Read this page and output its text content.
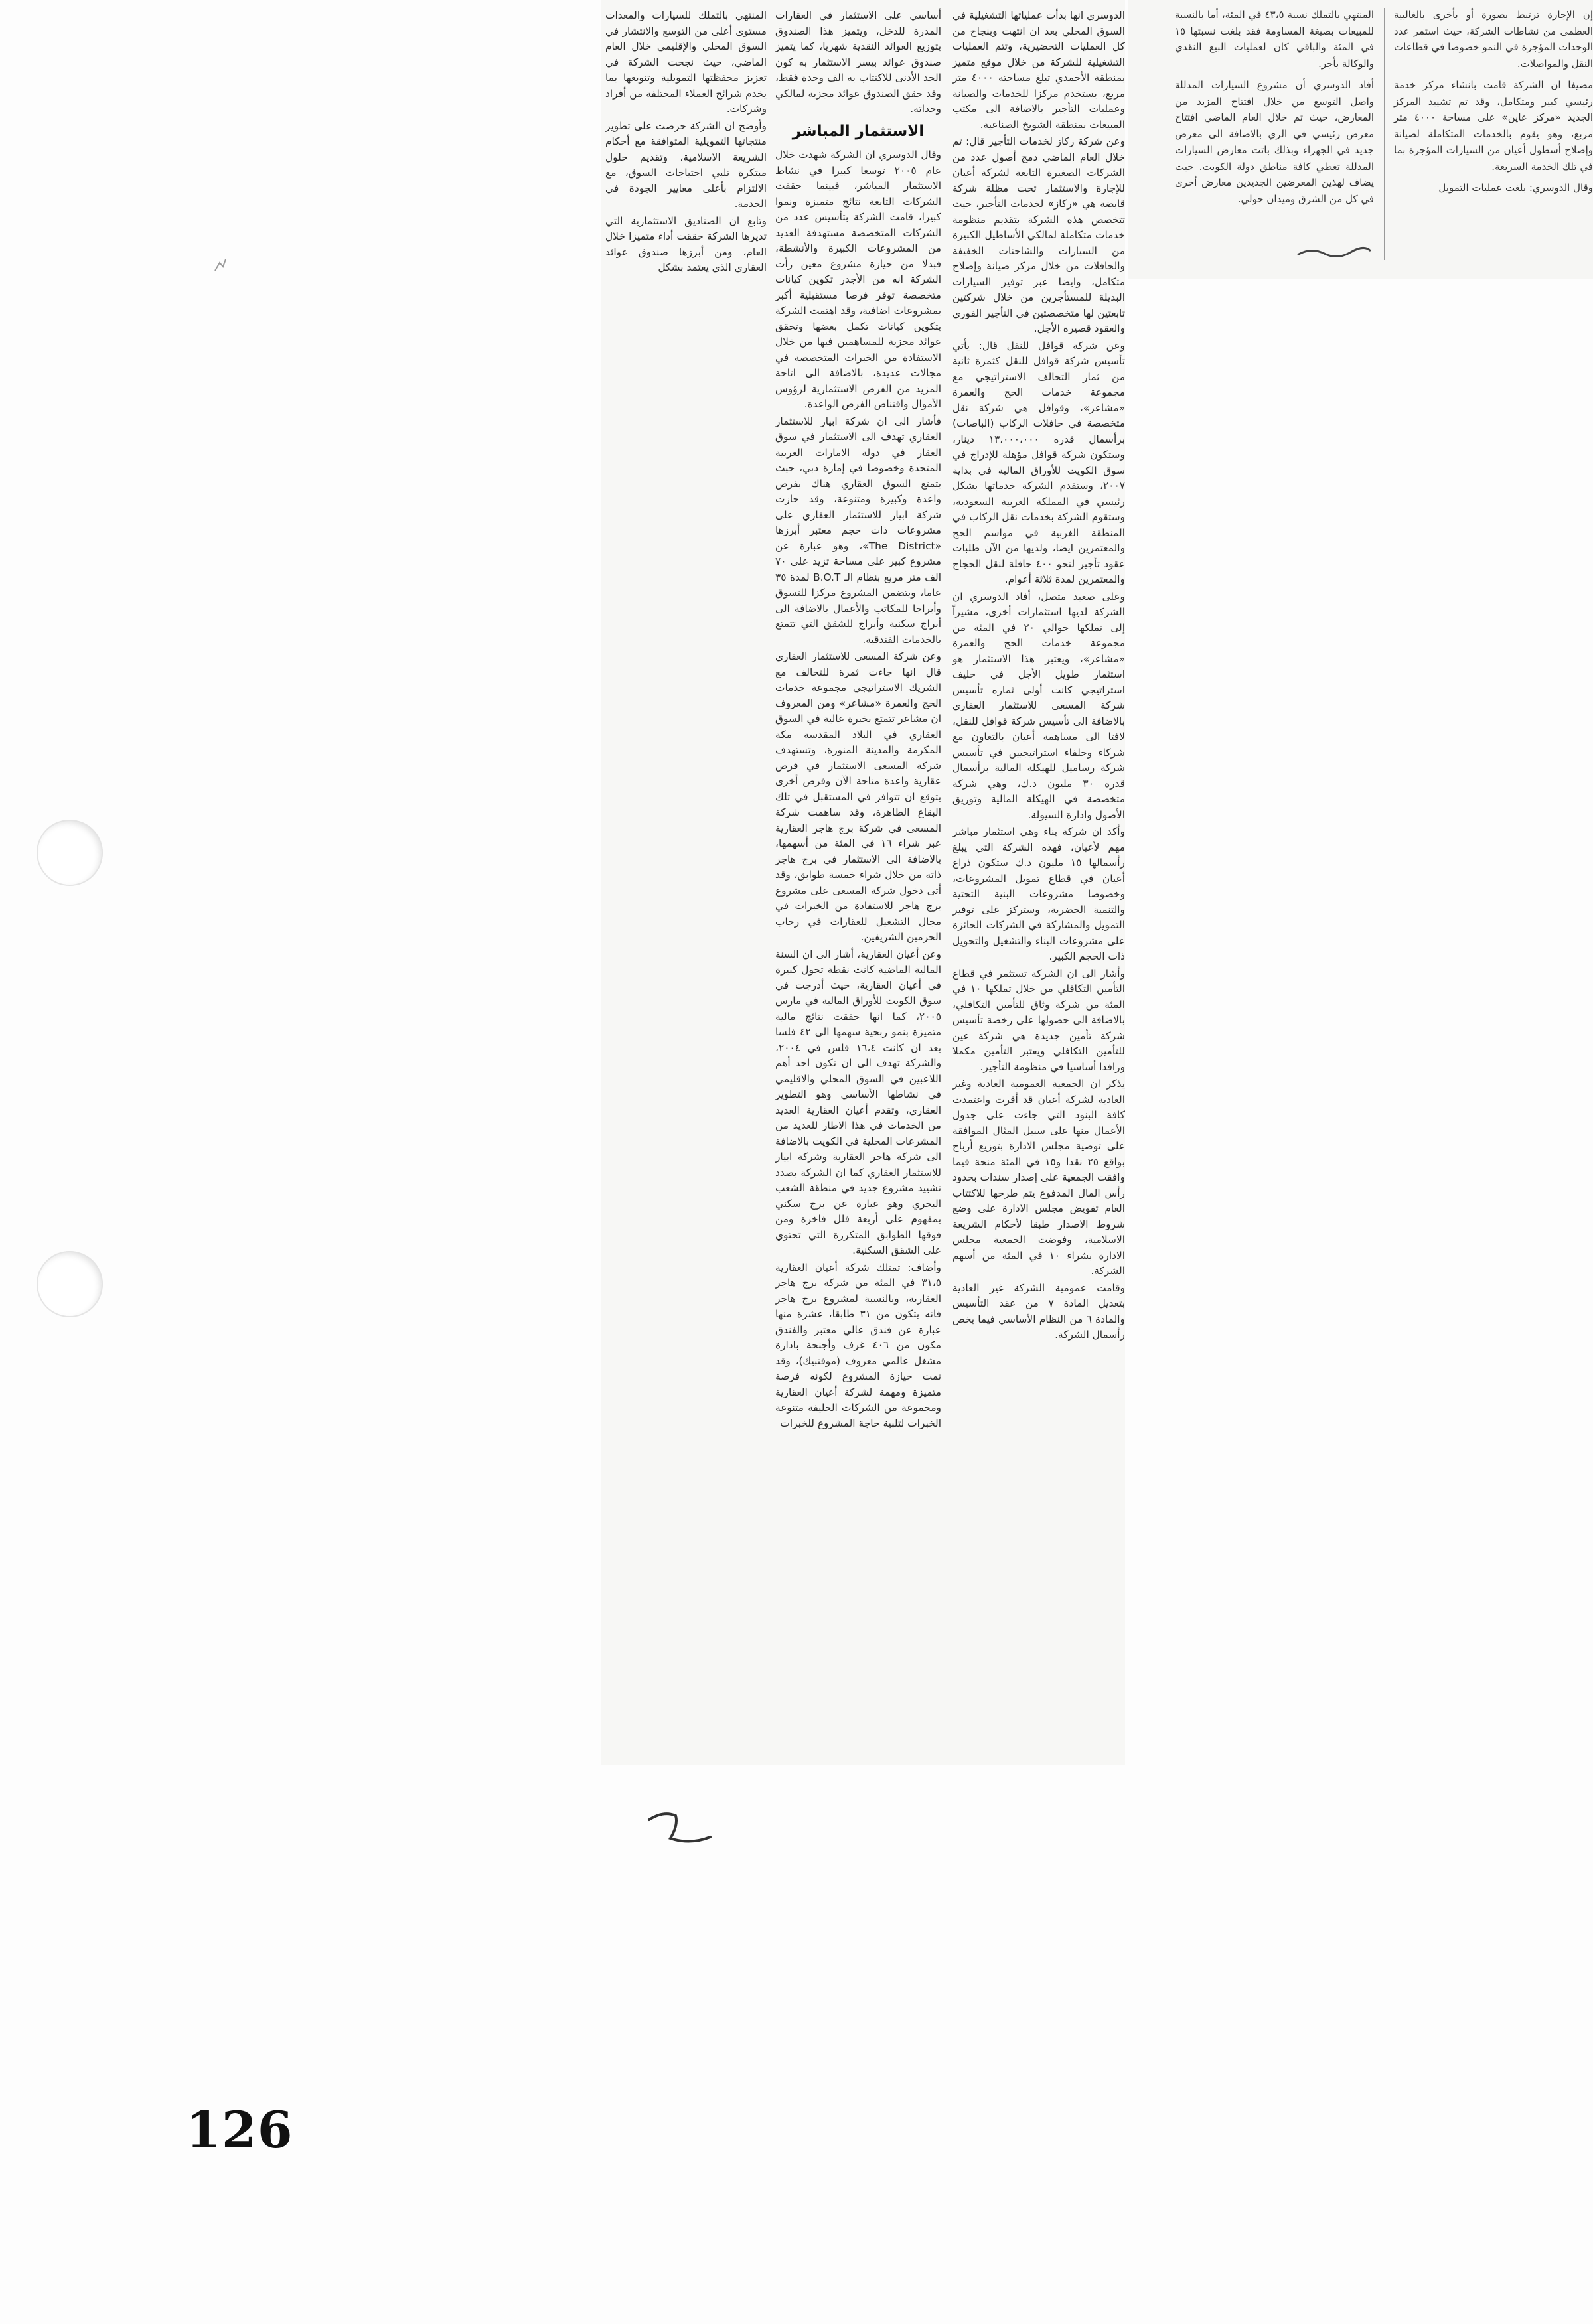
إن الإجارة ترتبط بصورة أو بأخرى بالغالبية العظمى من نشاطات الشركة، حيث استمر عدد الوحدات المؤجرة في النمو خصوصا في قطاعات النقل والمواصلات.

مضيفا ان الشركة قامت بانشاء مركز خدمة رئيسي كبير ومتكامل، وقد تم تشييد المركز الجديد «مركز عاين» على مساحة ٤٠٠٠ متر مربع، وهو يقوم بالخدمات المتكاملة لصيانة وإصلاح أسطول أعيان من السيارات المؤجرة بما في تلك الخدمة السريعة.

وقال الدوسري: بلغت عمليات التمويل

المنتهي بالتملك نسبة ٤٣،٥ في المئة، أما بالنسبة للمبيعات بصيغة المساومة فقد بلغت نسبتها ١٥ في المئة والباقي كان لعمليات البيع النقدي والوكالة بأجر.

أفاد الدوسري أن مشروع السيارات المدللة واصل التوسع من خلال افتتاح المزيد من المعارض، حيث تم خلال العام الماضي افتتاح معرض رئيسي في الري بالاضافة الى معرض جديد في الجهراء وبذلك باتت معارض السيارات المدللة تغطي كافة مناطق دولة الكويت. حيث يضاف لهذين المعرضين الجديدين معارض أخرى في كل من الشرق وميدان حولي.

الدوسري انها بدأت عملياتها التشغيلية في السوق المحلي بعد ان انتهت وبنجاح من كل العمليات التحضيرية، وتتم العمليات التشغيلية للشركة من خلال موقع متميز بمنطقة الأحمدي تبلغ مساحته ٤٠٠٠ متر مربع، يستخدم مركزا للخدمات والصيانة وعمليات التأجير بالاضافة الى مكتب المبيعات بمنطقة الشويخ الصناعية.

وعن شركة ركاز لخدمات التأجير قال: تم خلال العام الماضي دمج أصول عدد من الشركات الصغيرة التابعة لشركة أعيان للإجارة والاستثمار تحت مظلة شركة قابضة هي «ركاز» لخدمات التأجير، حيث تتخصص هذه الشركة بتقديم منظومة خدمات متكاملة لمالكي الأساطيل الكبيرة من السيارات والشاحنات الخفيفة والحافلات من خلال مركز صيانة وإصلاح متكامل، وايضا عبر توفير السيارات البديلة للمستأجرين من خلال شركتين تابعتين لها متخصصتين في التأجير الفوري والعقود قصيرة الأجل.

وعن شركة قوافل للنقل قال: يأتي تأسيس شركة قوافل للنقل كثمرة ثانية من ثمار التحالف الاستراتيجي مع مجموعة خدمات الحج والعمرة «مشاعر»، وقوافل هي شركة نقل متخصصة في حافلات الركاب (الباصات) برأسمال قدره ١٣،٠٠٠،٠٠٠ دينار، وستكون شركة قوافل مؤهلة للإدراج في سوق الكويت للأوراق المالية في بداية ٢٠٠٧، وستقدم الشركة خدماتها بشكل رئيسي في المملكة العربية السعودية، وستقوم الشركة بخدمات نقل الركاب في المنطقة الغربية في مواسم الحج والمعتمرين ايضا، ولديها من الآن طلبات عقود تأجير لنحو ٤٠٠ حافلة لنقل الحجاج والمعتمرين لمدة ثلاثة أعوام.

وعلى صعيد متصل، أفاد الدوسري ان الشركة لديها استثمارات أخرى، مشيراً إلى تملكها حوالي ٢٠ في المئة من مجموعة خدمات الحج والعمرة «مشاعر»، ويعتبر هذا الاستثمار هو استثمار طويل الأجل في حليف استراتيجي كانت أولى ثماره تأسيس شركة المسعى للاستثمار العقاري بالاضافة الى تأسيس شركة قوافل للنقل، لافتا الى مساهمة أعيان بالتعاون مع شركاء وحلفاء استراتيجيين في تأسيس شركة رساميل للهيكلة المالية برأسمال قدره ٣٠ مليون د.ك، وهي شركة متخصصة في الهيكلة المالية وتوريق الأصول وادارة السيولة.

وأكد ان شركة بناء وهي استثمار مباشر مهم لأعيان، فهذه الشركة التي يبلغ رأسمالها ١٥ مليون د.ك ستكون ذراع أعيان في قطاع تمويل المشروعات، وخصوصا مشروعات البنية التحتية والتنمية الحضرية، وستركز على توفير التمويل والمشاركة في الشركات الحائزة على مشروعات البناء والتشغيل والتحويل ذات الحجم الكبير.

وأشار الى ان الشركة تستثمر في قطاع التأمين التكافلي من خلال تملكها ١٠ في المئة من شركة وثاق للتأمين التكافلي، بالاضافة الى حصولها على رخصة تأسيس شركة تأمين جديدة هي شركة عين للتأمين التكافلي ويعتبر التأمين مكملا ورافدا أساسيا في منظومة التأجير.

يذكر ان الجمعية العمومية العادية وغير العادية لشركة أعيان قد أقرت واعتمدت كافة البنود التي جاءت على جدول الأعمال منها على سبيل المثال الموافقة على توصية مجلس الادارة بتوزيع أرباح بواقع ٢٥ نقدا و١٥ في المئة منحة فيما وافقت الجمعية على إصدار سندات بحدود رأس المال المدفوع يتم طرحها للاكتتاب العام تفويض مجلس الادارة على وضع شروط الاصدار طبقا لأحكام الشريعة الاسلامية، وفوضت الجمعية مجلس الادارة بشراء ١٠ في المئة من أسهم الشركة.

وقامت عمومية الشركة غير العادية بتعديل المادة ٧ من عقد التأسيس والمادة ٦ من النظام الأساسي فيما يخص رأسمال الشركة.

أساسي على الاستثمار في العقارات المدرة للدخل، ويتميز هذا الصندوق بتوزيع العوائد النقدية شهريا، كما يتميز صندوق عوائد بيسر الاستثمار به كون الحد الأدنى للاكتتاب به الف وحدة فقط، وقد حقق الصندوق عوائد مجزية لمالكي وحداته.

الاستثمار المباشر

وقال الدوسري ان الشركة شهدت خلال عام ٢٠٠٥ توسعا كبيرا في نشاط الاستثمار المباشر، فبينما حققت الشركات التابعة نتائج متميزة ونموا كبيرا، قامت الشركة بتأسيس عدد من الشركات المتخصصة مستهدفة العديد من المشروعات الكبيرة والأنشطة، فبدلا من حيازة مشروع معين رأت الشركة انه من الأجدر تكوين كيانات متخصصة توفر فرصا مستقبلية أكبر بمشروعات اضافية، وقد اهتمت الشركة بتكوين كيانات تكمل بعضها وتحقق عوائد مجزية للمساهمين فيها من خلال الاستفادة من الخبرات المتخصصة في مجالات عديدة، بالاضافة الى اتاحة المزيد من الفرص الاستثمارية لرؤوس الأموال واقتناص الفرص الواعدة.

فأشار الى ان شركة ابيار للاستثمار العقاري تهدف الى الاستثمار في سوق العقار في دولة الامارات العربية المتحدة وخصوصا في إمارة دبي، حيث يتمتع السوق العقاري هناك بفرص واعدة وكبيرة ومتنوعة، وقد حازت شركة ابيار للاستثمار العقاري على مشروعات ذات حجم معتبر أبرزها «The District»، وهو عبارة عن مشروع كبير على مساحة تزيد على ٧٠ الف متر مربع بنظام الـ B.O.T لمدة ٣٥ عاما، ويتضمن المشروع مركزا للتسوق وأبراجا للمكاتب والأعمال بالاضافة الى أبراج سكنية وأبراج للشقق التي تتمتع بالخدمات الفندقية.

وعن شركة المسعى للاستثمار العقاري قال انها جاءت ثمرة للتحالف مع الشريك الاستراتيجي مجموعة خدمات الحج والعمرة «مشاعر» ومن المعروف ان مشاعر تتمتع بخبرة عالية في السوق العقاري في البلاد المقدسة مكة المكرمة والمدينة المنورة، وتستهدف شركة المسعى الاستثمار في فرص عقارية واعدة متاحة الآن وفرص أخرى يتوقع ان تتوافر في المستقبل في تلك البقاع الطاهرة، وقد ساهمت شركة المسعى في شركة برج هاجر العقارية عبر شراء ١٦ في المئة من أسهمها، بالاضافة الى الاستثمار في برج هاجر ذاته من خلال شراء خمسة طوابق، وقد أتى دخول شركة المسعى على مشروع برج هاجر للاستفادة من الخبرات في مجال التشغيل للعقارات في رحاب الحرمين الشريفين.

وعن أعيان العقارية، أشار الى ان السنة المالية الماضية كانت نقطة تحول كبيرة في أعيان العقارية، حيث أدرجت في سوق الكويت للأوراق المالية في مارس ٢٠٠٥، كما انها حققت نتائج مالية متميزة بنمو ربحية سهمها الى ٤٢ فلسا بعد ان كانت ١٦،٤ فلس في ٢٠٠٤، والشركة تهدف الى ان تكون احد أهم اللاعبين في السوق المحلي والاقليمي في نشاطها الأساسي وهو التطوير العقاري، وتقدم أعيان العقارية العديد من الخدمات في هذا الاطار للعديد من المشرعات المحلية في الكويت بالاضافة الى شركة هاجر العقارية وشركة ابيار للاستثمار العقاري كما ان الشركة بصدد تشييد مشروع جديد في منطقة الشعب البحري وهو عبارة عن برج سكني بمفهوم على أربعة فلل فاخرة ومن فوقها الطوابق المتكررة التي تحتوي على الشقق السكنية.

وأضاف: تمتلك شركة أعيان العقارية ٣١،٥ في المئة من شركة برج هاجر العقارية، وبالنسبة لمشروع برج هاجر فانه يتكون من ٣١ طابقا، عشرة منها عبارة عن فندق عالي معتبر والفندق مكون من ٤٠٦ غرف وأجنحة بادارة مشغل عالمي معروف (موفنبيك)، وقد تمت حيازة المشروع لكونه فرصة متميزة ومهمة لشركة أعيان العقارية ومجموعة من الشركات الحليفة متنوعة الخبرات لتلبية حاجة المشروع للخبرات

المنتهي بالتملك للسيارات والمعدات مستوى أعلى من التوسع والانتشار في السوق المحلي والإقليمي خلال العام الماضي، حيث نجحت الشركة في تعزيز محفظتها التمويلية وتنويعها بما يخدم شرائح العملاء المختلفة من أفراد وشركات.

وأوضح ان الشركة حرصت على تطوير منتجاتها التمويلية المتوافقة مع أحكام الشريعة الاسلامية، وتقديم حلول مبتكرة تلبي احتياجات السوق، مع الالتزام بأعلى معايير الجودة في الخدمة.

وتابع ان الصناديق الاستثمارية التي تديرها الشركة حققت أداء متميزا خلال العام، ومن أبرزها صندوق عوائد العقاري الذي يعتمد بشكل

126
